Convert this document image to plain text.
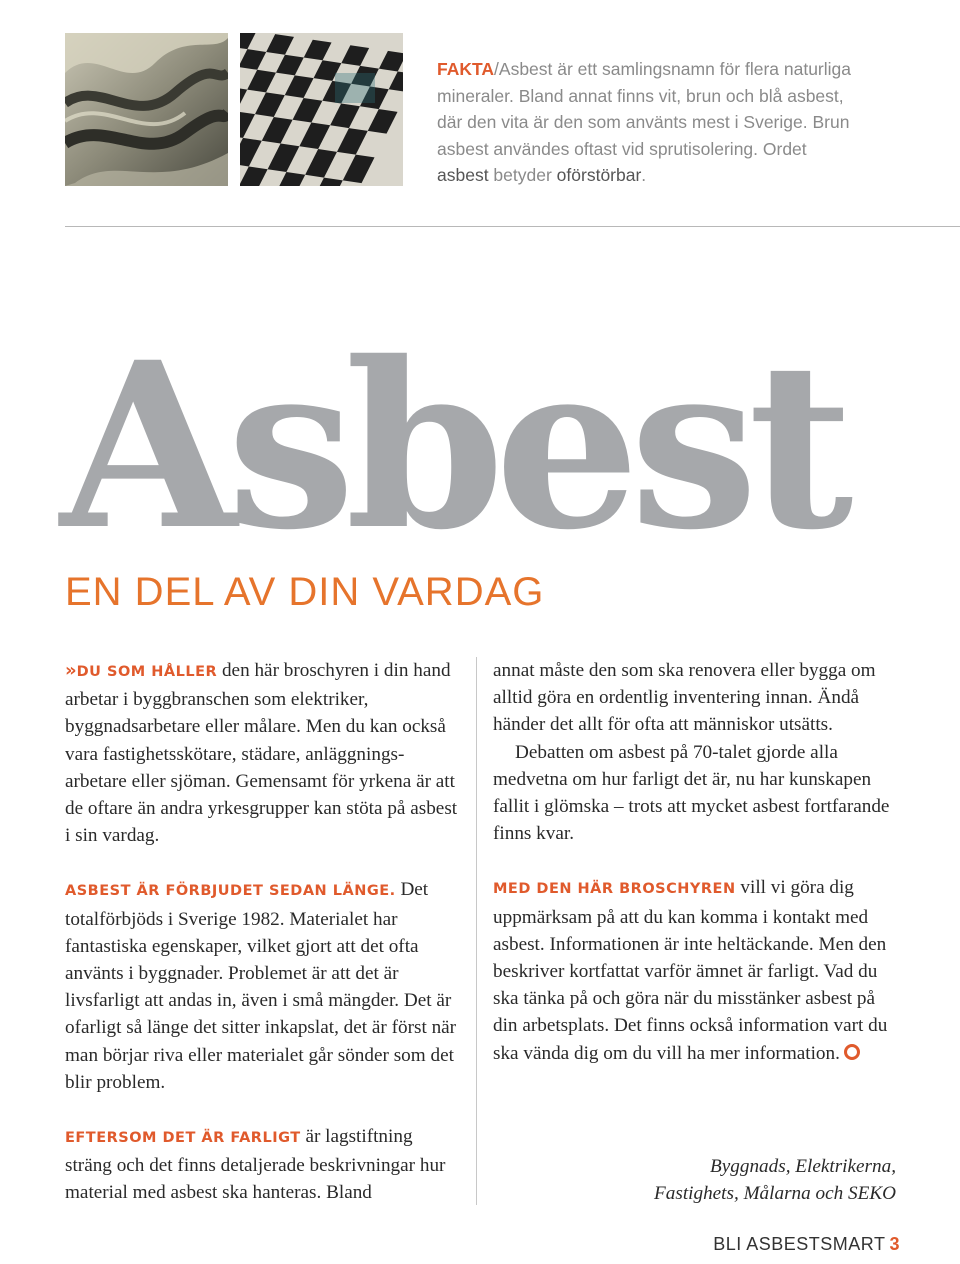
FAKTA/Asbest är ett samlingsnamn för flera naturliga mineraler. Bland annat finns vit, brun och blå asbest, där den vita är den som använts mest i Sverige. Brun asbest användes oftast vid sprutisolering. Ordet asbest betyder oförstörbar.
Asbest
EN DEL AV DIN VARDAG

»DU SOM HÅLLER den här broschyren i din hand arbetar i byggbranschen som elektriker, byggnadsarbetare eller målare. Men du kan också vara fastighetsskötare, städare, anläggnings-arbetare eller sjöman. Gemensamt för yrkena är att de oftare än andra yrkesgrupper kan stöta på asbest i sin vardag.

ASBEST ÄR FÖRBJUDET SEDAN LÄNGE. Det totalförbjöds i Sverige 1982. Materialet har fantastiska egenskaper, vilket gjort att det ofta använts i byggnader. Problemet är att det är livsfarligt att andas in, även i små mängder. Det är ofarligt så länge det sitter inkapslat, det är först när man börjar riva eller materialet går sönder som det blir problem.

EFTERSOM DET ÄR FARLIGT är lagstiftning sträng och det finns detaljerade beskrivningar hur material med asbest ska hanteras. Bland

annat måste den som ska renovera eller bygga om alltid göra en ordentlig inventering innan. Ändå händer det allt för ofta att människor utsätts.

Debatten om asbest på 70-talet gjorde alla medvetna om hur farligt det är, nu har kunskapen fallit i glömska – trots att mycket asbest fortfarande finns kvar.

MED DEN HÄR BROSCHYREN vill vi göra dig uppmärksam på att du kan komma i kontakt med asbest. Informationen är inte heltäckande. Men den beskriver kortfattat varför ämnet är farligt. Vad du ska tänka på och göra när du misstänker asbest på din arbetsplats. Det finns också information vart du ska vända dig om du vill ha mer information.

Byggnads, Elektrikerna,
Fastighets, Målarna och SEKO
BLI ASBESTSMART 3
